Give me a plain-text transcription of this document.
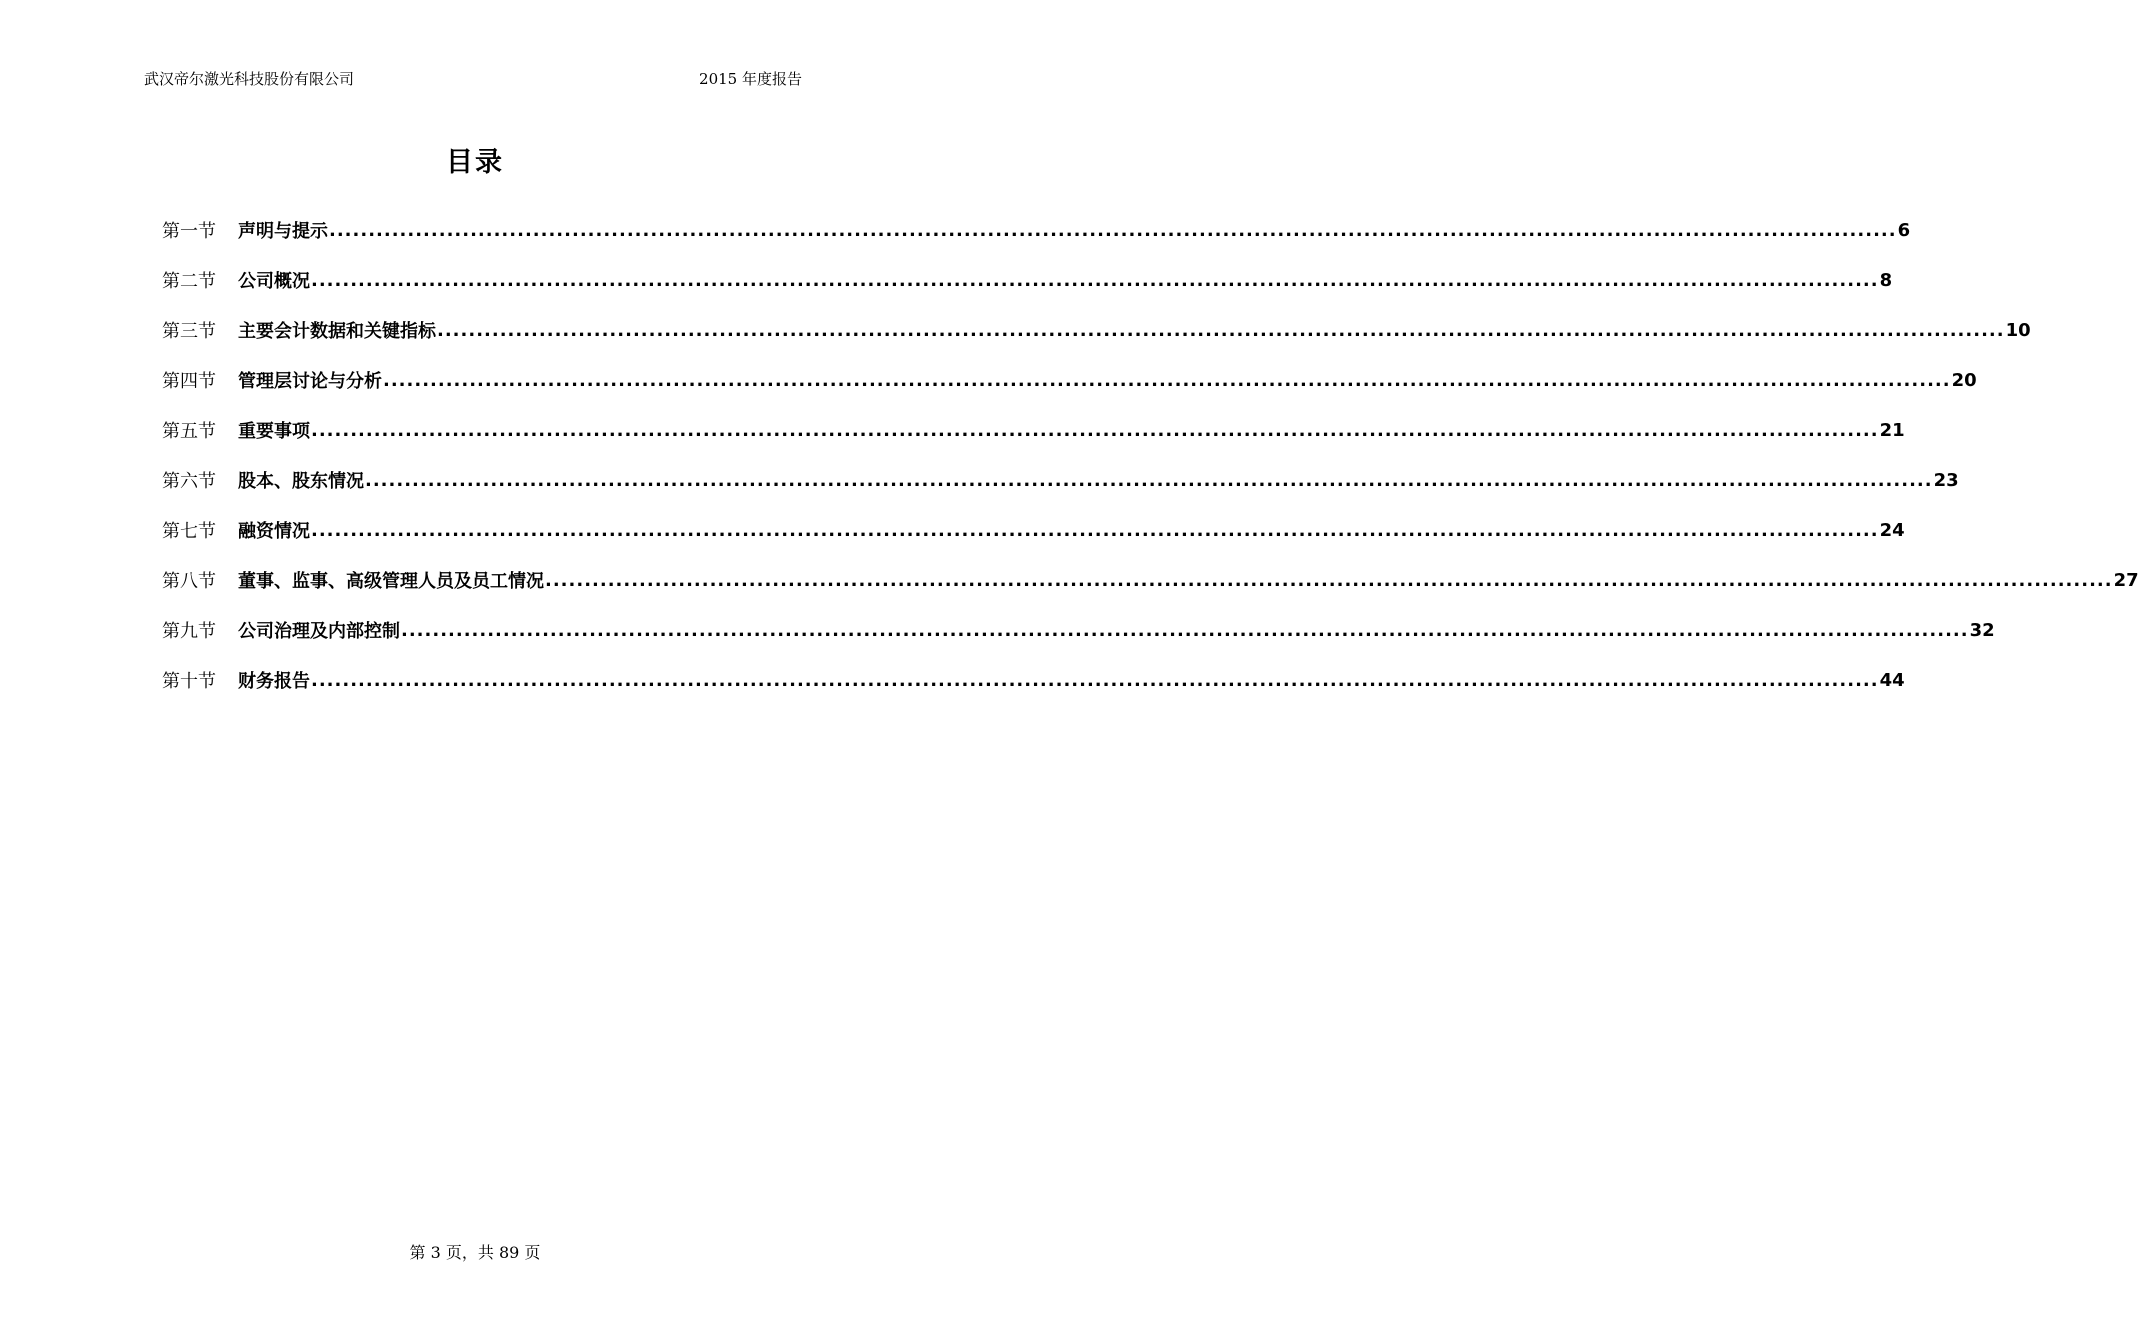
武汉帝尔激光科技股份有限公司	2015 年度报告
目录
第一节	声明与提示 ........................................................................................................................................................................................................ 6
第二节	公司概况 ........................................................................................................................................................................................................ 8
第三节	主要会计数据和关键指标 ........................................................................................................................................................................................................ 10
第四节	管理层讨论与分析 ........................................................................................................................................................................................................ 20
第五节	重要事项 ........................................................................................................................................................................................................ 21
第六节	股本、股东情况 ........................................................................................................................................................................................................ 23
第七节	融资情况 ........................................................................................................................................................................................................ 24
第八节	董事、监事、高级管理人员及员工情况 ........................................................................................................................................................................................................ 27
第九节	公司治理及内部控制 ........................................................................................................................................................................................................ 32
第十节	财务报告 ........................................................................................................................................................................................................ 44
第 3 页，共 89 页
